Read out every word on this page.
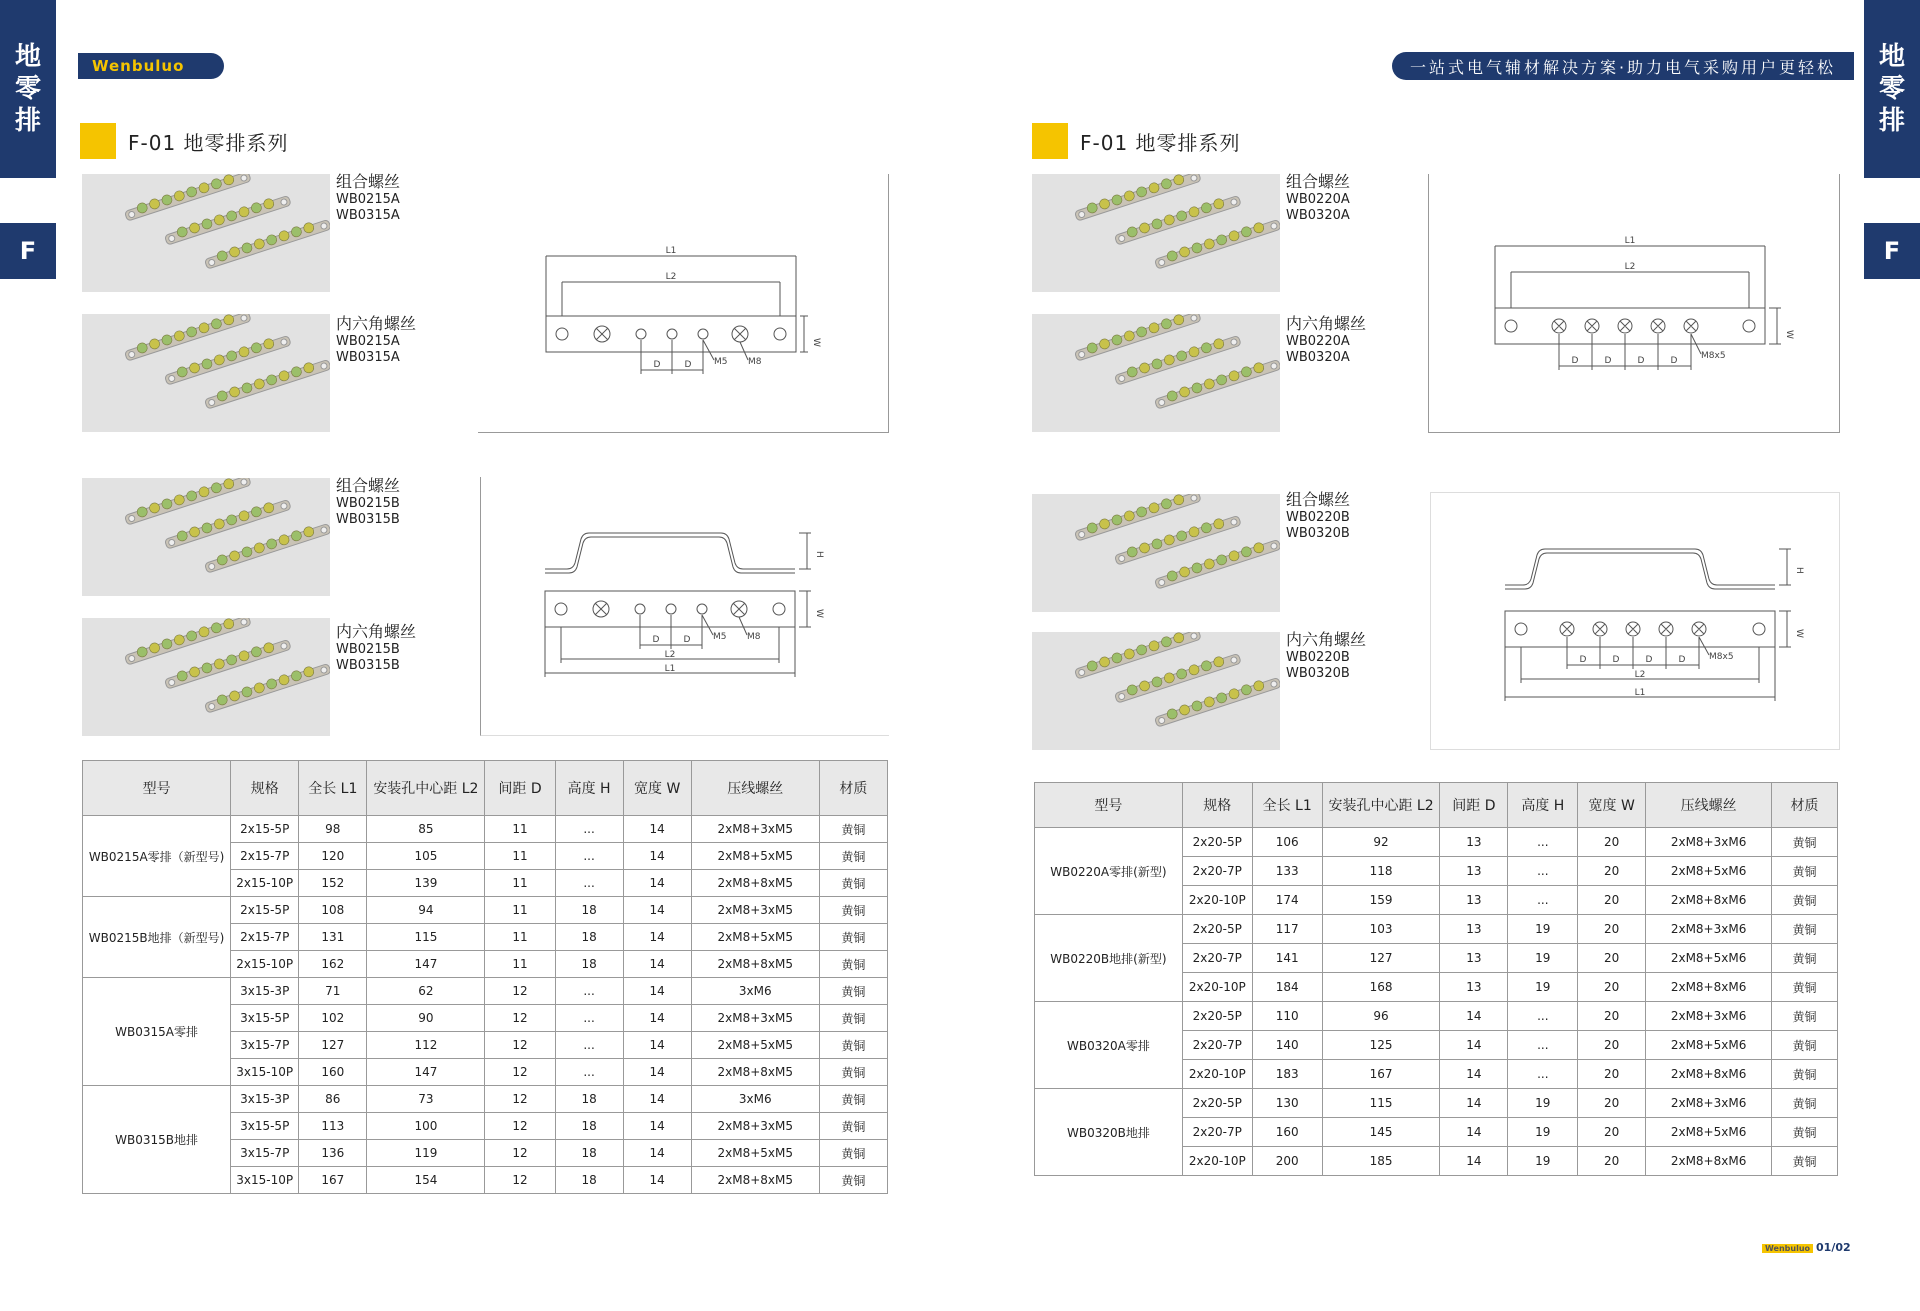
地
零
排
F
地
零
排
F
Wenbuluo	一站式电气辅材解决方案·助力电气采购用户更轻松
F-01 地零排系列
组合螺丝
WB0215A
WB0315A
内六角螺丝
WB0215A
WB0315A
组合螺丝
WB0215B
WB0315B
内六角螺丝
WB0215B
WB0315B
L1
L2
D	D	M5 M8
W
H
W
D	D	M5 M8
L2
L1
型号	规格	全长 L1	安装孔中心距 L2	间距 D	高度 H	宽度 W	压线螺丝	材质
WB0215A零排（新型号)	2x15-5P	98	85	11	...	14	2xM8+3xM5	黄铜
	2x15-7P	120	105	11	...	14	2xM8+5xM5	黄铜
	2x15-10P	152	139	11	...	14	2xM8+8xM5	黄铜
WB0215B地排（新型号)	2x15-5P	108	94	11	18	14	2xM8+3xM5	黄铜
	2x15-7P	131	115	11	18	14	2xM8+5xM5	黄铜
	2x15-10P	162	147	11	18	14	2xM8+8xM5	黄铜
WB0315A零排	3x15-3P	71	62	12	...	14	3xM6	黄铜
	3x15-5P	102	90	12	...	14	2xM8+3xM5	黄铜
	3x15-7P	127	112	12	...	14	2xM8+5xM5	黄铜
	3x15-10P	160	147	12	...	14	2xM8+8xM5	黄铜
WB0315B地排	3x15-3P	86	73	12	18	14	3xM6	黄铜
	3x15-5P	113	100	12	18	14	2xM8+3xM5	黄铜
	3x15-7P	136	119	12	18	14	2xM8+5xM5	黄铜
	3x15-10P	167	154	12	18	14	2xM8+8xM5	黄铜
F-01 地零排系列
组合螺丝
WB0220A
WB0320A
内六角螺丝
WB0220A
WB0320A
组合螺丝
WB0220B
WB0320B
内六角螺丝
WB0220B
WB0320B
L1
L2
D	D	D	D	M8x5
W
H
W
D	D	D	D	M8x5
L2
L1
型号	规格	全长 L1	安装孔中心距 L2	间距 D	高度 H	宽度 W	压线螺丝	材质
WB0220A零排(新型)	2x20-5P	106	92	13	...	20	2xM8+3xM6	黄铜
	2x20-7P	133	118	13	...	20	2xM8+5xM6	黄铜
	2x20-10P	174	159	13	...	20	2xM8+8xM6	黄铜
WB0220B地排(新型)	2x20-5P	117	103	13	19	20	2xM8+3xM6	黄铜
	2x20-7P	141	127	13	19	20	2xM8+5xM6	黄铜
	2x20-10P	184	168	13	19	20	2xM8+8xM6	黄铜
WB0320A零排	2x20-5P	110	96	14	...	20	2xM8+3xM6	黄铜
	2x20-7P	140	125	14	...	20	2xM8+5xM6	黄铜
	2x20-10P	183	167	14	...	20	2xM8+8xM6	黄铜
WB0320B地排	2x20-5P	130	115	14	19	20	2xM8+3xM6	黄铜
	2x20-7P	160	145	14	19	20	2xM8+5xM6	黄铜
	2x20-10P	200	185	14	19	20	2xM8+8xM6	黄铜
Wenbuluo 01/02
